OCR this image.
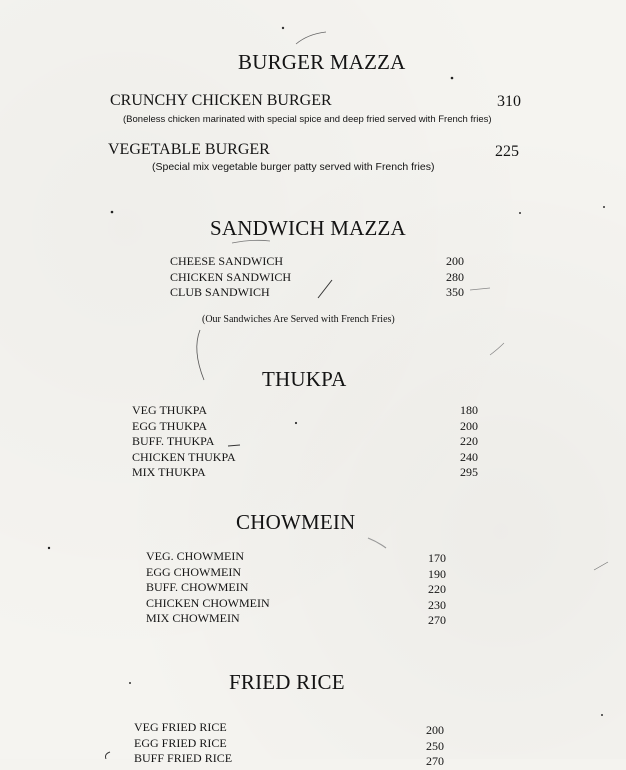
BURGER MAZZA
CRUNCHY CHICKEN BURGER	310
(Boneless chicken marinated with special spice and deep fried served with French fries)
VEGETABLE BURGER	225
(Special mix vegetable burger patty served with French fries)
SANDWICH MAZZA
CHEESE SANDWICH
CHICKEN SANDWICH
CLUB SANDWICH
200
280
350
(Our Sandwiches Are Served with French Fries)
THUKPA
VEG THUKPA
EGG THUKPA
BUFF. THUKPA
CHICKEN THUKPA
MIX THUKPA
180
200
220
240
295
CHOWMEIN
VEG. CHOWMEIN
EGG CHOWMEIN
BUFF. CHOWMEIN
CHICKEN CHOWMEIN
MIX CHOWMEIN
170
190
220
230
270
FRIED RICE
VEG FRIED RICE
EGG FRIED RICE
BUFF FRIED RICE
200
250
270
